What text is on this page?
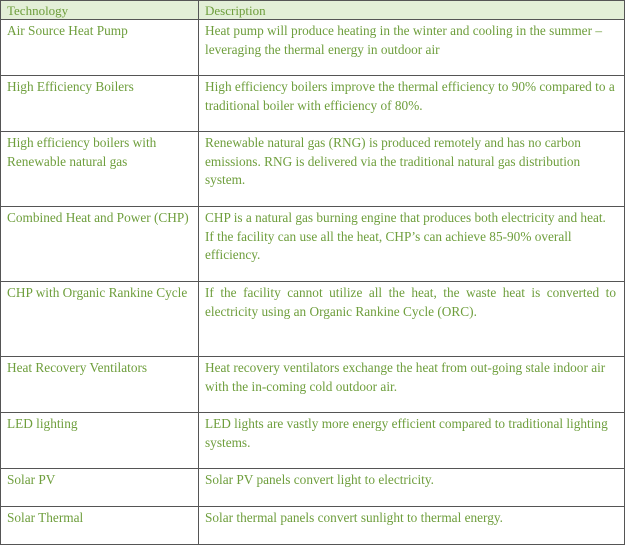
Technology	Description
Air Source Heat Pump	Heat pump will produce heating in the winter and cooling in the summer – leveraging the thermal energy in outdoor air
High Efficiency Boilers	High efficiency boilers improve the thermal efficiency to 90% compared to a traditional boiler with efficiency of 80%.
High efficiency boilers with Renewable natural gas	Renewable natural gas (RNG) is produced remotely and has no carbon emissions. RNG is delivered via the traditional natural gas distribution system.
Combined Heat and Power (CHP)	CHP is a natural gas burning engine that produces both electricity and heat. If the facility can use all the heat, CHP’s can achieve 85-90% overall efficiency.
CHP with Organic Rankine Cycle	If the facility cannot utilize all the heat, the waste heat is converted to electricity using an Organic Rankine Cycle (ORC).
Heat Recovery Ventilators	Heat recovery ventilators exchange the heat from out-going stale indoor air with the in-coming cold outdoor air.
LED lighting	LED lights are vastly more energy efficient compared to traditional lighting systems.
Solar PV	Solar PV panels convert light to electricity.
Solar Thermal	Solar thermal panels convert sunlight to thermal energy.
